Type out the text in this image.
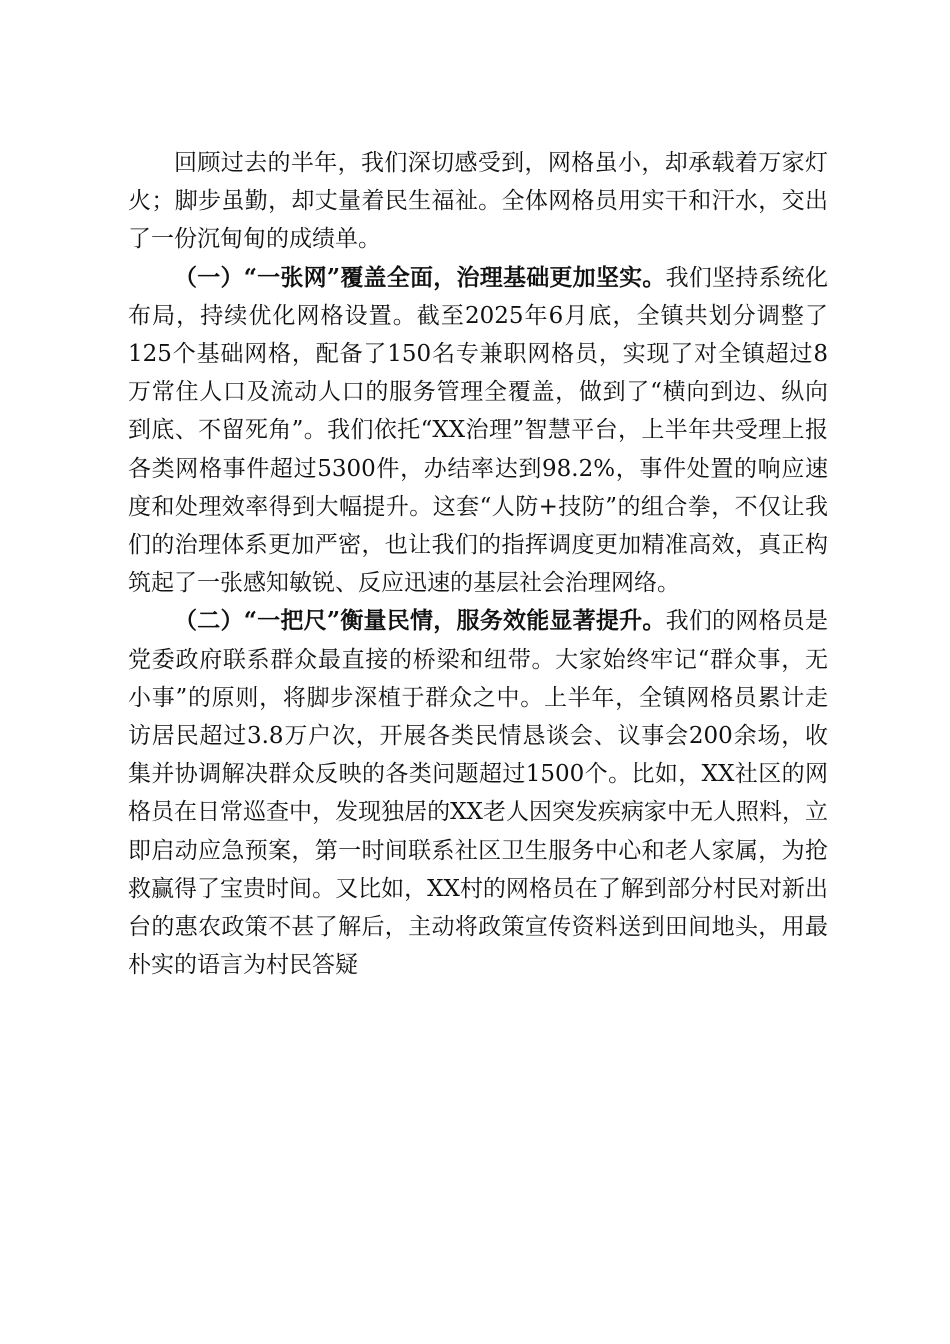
回顾过去的半年，我们深切感受到，网格虽小，却承载着万家灯火；脚步虽勤，却丈量着民生福祉。全体网格员用实干和汗水，交出了一份沉甸甸的成绩单。

（一）“一张网”覆盖全面，治理基础更加坚实。我们坚持系统化布局，持续优化网格设置。截至2025年6月底，全镇共划分调整了125个基础网格，配备了150名专兼职网格员，实现了对全镇超过8万常住人口及流动人口的服务管理全覆盖，做到了“横向到边、纵向到底、不留死角”。我们依托“XX治理”智慧平台，上半年共受理上报各类网格事件超过5300件，办结率达到98.2%，事件处置的响应速度和处理效率得到大幅提升。这套“人防+技防”的组合拳，不仅让我们的治理体系更加严密，也让我们的指挥调度更加精准高效，真正构筑起了一张感知敏锐、反应迅速的基层社会治理网络。

（二）“一把尺”衡量民情，服务效能显著提升。我们的网格员是党委政府联系群众最直接的桥梁和纽带。大家始终牢记“群众事，无小事”的原则，将脚步深植于群众之中。上半年，全镇网格员累计走访居民超过3.8万户次，开展各类民情恳谈会、议事会200余场，收集并协调解决群众反映的各类问题超过1500个。比如，XX社区的网格员在日常巡查中，发现独居的XX老人因突发疾病家中无人照料，立即启动应急预案，第一时间联系社区卫生服务中心和老人家属，为抢救赢得了宝贵时间。又比如，XX村的网格员在了解到部分村民对新出台的惠农政策不甚了解后，主动将政策宣传资料送到田间地头，用最朴实的语言为村民答疑
